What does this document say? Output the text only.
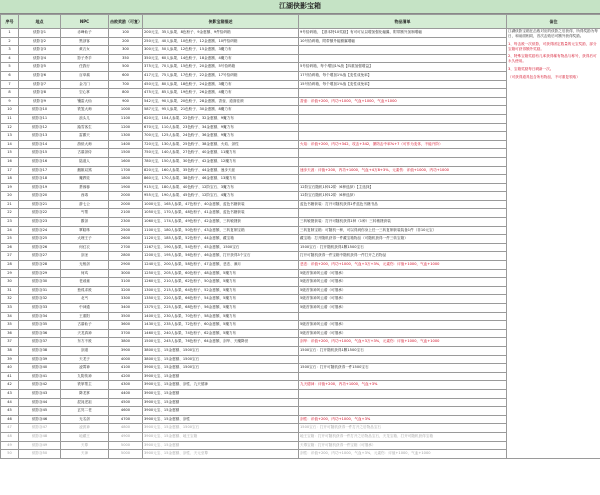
江湖侠影宝箱
序号	地点	NPC	击败奖励（可复）	侠影宝箱描述	物品清单	备注
1	侠影谷1	赤峰仙子	100	200元宝、35人参果、8色粉子、9金惠额、9件拾码箱	9号拾码箱，【基本特10奖励】有可可从以增加强化幅翼，附带额外加制增幅	江湖侠影宝箱在击败对应的侠影之后获得，所得奖励为每日，和前面相同，首次击败后可额外获得奖励。
1、每击败一次侠影，可获得固定数量的元宝奖励，部分宝箱可获得额外奖励。
2、特殊宝箱奖励有几率获得稀有物品与称号，获得后可永久使用。
3、宝箱奖励每日刷新一次。
（可获得道具包含所有物品，不可重复领取）

2	侠影谷2	黑剑客	200	250元宝、40人参果、10色粉子、12金惠额、10件拾码箱	10号拾码箱，附带额外能额翼增幅	
3	侠影谷3	黄衣女	300	300元宝、50人参果、12色粉子、15金惠额、3魔力布		
4	侠影谷4	影子杀手	350	350元宝、60人参果、14色粉子、18金惠额、4魔力布		
5	侠影谷5	任我行	500	375元宝、70人参果、15色粉子、20金惠额、5号拾码箱	5号拾码箱，每个增加1%战【四重加强增益】	
6	侠影谷6	百草翁	600	417元宝、75人参果、17色粉子、22金惠额、17号拾码箱	17号拾码箱，每个增加1%战【变性成免率】	
7	侠影谷7	金刀门	700	450元宝、80人参果、18色粉子、24金惠额、3魔力布	15号拾码箱，每个增加1%战【变性成免率】	
8	侠影谷8	空心掌	800	475元宝、85人参果、19色粉子、26金惠额、4魔力布		
9	侠影谷9	镶雷大仙	900	542元宝、90人参果、20色粉子、28金惠额、香壶、道面佳颜	香壶：评值+200，内功+1000，气血+1000，气血+1000	
10	侠影谷10	铁笼大师	1000	587元宝、95人参果、21色粉子、30金惠额、8魔力布		
11	侠影谷11	浪头儿	1100	620元宝、104人参果、22色粉子、32金惠额、9魔力布		
12	侠影谷12	踏雪客生	1200	670元宝、110人参果、23色粉子、34金惠额、9魔力布		
13	侠影谷13	雷霸天	1300	700元宝、125人参果、24色粉子、36金惠额、9魔力布		
14	侠影谷14	游侠大师	1400	720元宝、130人参果、25色粉子、38金惠额、火焰、剑性	火焰：评值+200，内功+342，攻击+342，暴防击中率%+7（可作为变体，不能升阶）	
15	侠影谷15	古墓剑侍	1500	750元宝、140人参果、27色粉子、40金惠额、11魔力布		
16	侠影谷16	陆道人	1600	780元宝、150人参果、30色粉子、42金惠额、12魔力布		
17	侠影谷17	雌雄双煞	1700	820元宝、160人参果、35色粉子、44金惠额、速步天涯	速步天涯：评值+200，内功+1000，气血+4万8+3%，元素伤：评值+1000，内功+1000	
18	侠影谷18	魔教徒	1800	860元宝、170人参果、38色粉子、46金惠额、13魔力布		
19	侠影谷19	萧蓉蓉	1900	915元宝、180人参果、40色粉子、12阶宝石、3魔力布	12阶宝石随机1种12阶（6种选择）【主选择】	
20	侠影谷20	西毒	2000	955元宝、190人参果、45色粉子、12阶宝石、4魔力布	12阶宝石随机1种12阶（6种选择）	
21	侠影谷21	游七公	2000	1000元宝、165人参果、47色粉子、40金惠额、蓝色书籍套装	蓝色书籍套装：打开可随机获得1件蓝色书籍书品	
22	侠影谷22	丐帮	2100	1050元宝、170人参果、48色粉子、41金惠额、蓝色书籍套装		
23	侠影谷23	霸剑	2300	1060元宝、174人参果、49色粉子、42金惠额、三转敏捷套	三转敏捷套装：打开可随机获得1种（1种）三转敏捷套装	
24	侠影谷24	覃皓珠	2500	1100元宝、180人参果、50色粉子、43金惠额、三转复制宝箱	三转复制宝箱：可随机一种，可以得到你身上任一三转复制套装装备1件（非10元宝）	
25	侠影谷25	大理王子	2600	1120元宝、185人参果、52色粉子、44金惠额、藏宝箱	藏宝箱：打开随机获得一件藏宝箱物品（可随机获得一件三转宝箱）	
26	侠影谷26	何红衣	2700	1167元宝、190人参果、54色粉子、45金惠额、1500宝石	1500宝石：打开随机获得1颗1500宝石	
27	侠影谷27	剑圣	2800	1200元宝、195人参果、56色粉子、46金惠额、打开获得3个宝石	打开可随机获得一件宝箱中随机获得一件打开之后物品	
28	侠影谷28	无相剑	2900	1240元宝、200人参果、58色粉子、47金惠额、悲恋、满月	悲恋：评值+200，内功+1000，气血+3万+3%，元素伤：评值+1000，气血+1000	
29	侠影谷29	何鸡	3000	1250元宝、205人参果、60色粉子、48金惠额、5魔力布	5级首饰神风云谱（可继承）	
30	侠影谷30	老顽童	3100	1260元宝、210人参果、62色粉子、50金惠额、5魔力布	5级首饰神风云谱（可继承）	
31	侠影谷31	独孤求败	3200	1300元宝、215人参果、64色粉子、52金惠额、5魔力布	5级首饰神风云谱（可继承）	
32	侠影谷32	北丐	3300	1350元宝、220人参果、66色粉子、54金惠额、5魔力布	5级首饰神风云谱（可继承）	
33	侠影谷33	中神通	3400	1375元宝、225人参果、68色粉子、56金惠额、5魔力布	5级首饰神风云谱（可继承）	
34	侠影谷34	王重阳	3500	1400元宝、230人参果、70色粉子、58金惠额、5魔力布		
35	侠影谷35	古墓仙子	3600	1430元宝、235人参果、72色粉子、60金惠额、5魔力布	5级首饰神风云谱（可继承）	
36	侠影谷36	天龙真神	3700	1460元宝、240人参果、74色粉子、62金惠额、5魔力布	5级首饰神风云谱（可继承）	
37	侠影谷37	东方不败	3800	1500元宝、245人参果、76色粉子、64金惠额、剑华、天魔降世	剑华：评值+200，内功+1000，气血+3万+3%，元素伤：评值+1000，气血+1000	
38	侠影谷38	剑道	3900	3800元宝、15金惠额、1500宝石	1500宝石：打开随机获得1颗1500宝石	
39	侠影谷39	天龙子	4000	3800元宝、15金惠额、1500宝石		
40	侠影谷40	凌霄神	4100	3900元宝、15金惠额、1500宝石	1500宝石：打开可随机获得一件1500宝石	
41	侠影谷41	九阴传神	4200	3900元宝、15金惠额		
42	侠影谷42	铁掌帮主	4300	3900元宝、15金惠额、剑性、九天德神	九天德神：评值+200，内功+1000，气血+3%	
43	侠影谷43	降龙掌	4400	3900元宝、15金惠额		
44	侠影谷44	混沌老祖	4500	3900元宝、15金惠额		
45	侠影谷45	玄冥二老	4600	3900元宝、15金惠额		
46	侠影谷46	无名剑	4700	3900元宝、15金惠额、剑性	剑性：评值+200，内功+1000，气血+3%	
47	侠影谷47	凌波神	4800	3900元宝、15金惠额、1500宝石	1500宝石：打开可随机获得一件打开之后物品宝石	
48	侠影谷48	地藏王	4900	3900元宝、15金惠额、地王宝箱	地王宝箱：打开可随机获得一件打开之后物品宝石，天龙宝箱、打开可随机获得宝箱	
49	侠影谷49	天尊	5000	3900元宝、15金惠额	天尊宝箱：打开可随机获得一件宝箱（可继承）	
50	侠影谷50	天神	5000	3900元宝、15金惠额、剑性、天元至尊	剑性：评值+200，内功+1000，气血+3%，元素伤：评值+1000，气血+1000	
